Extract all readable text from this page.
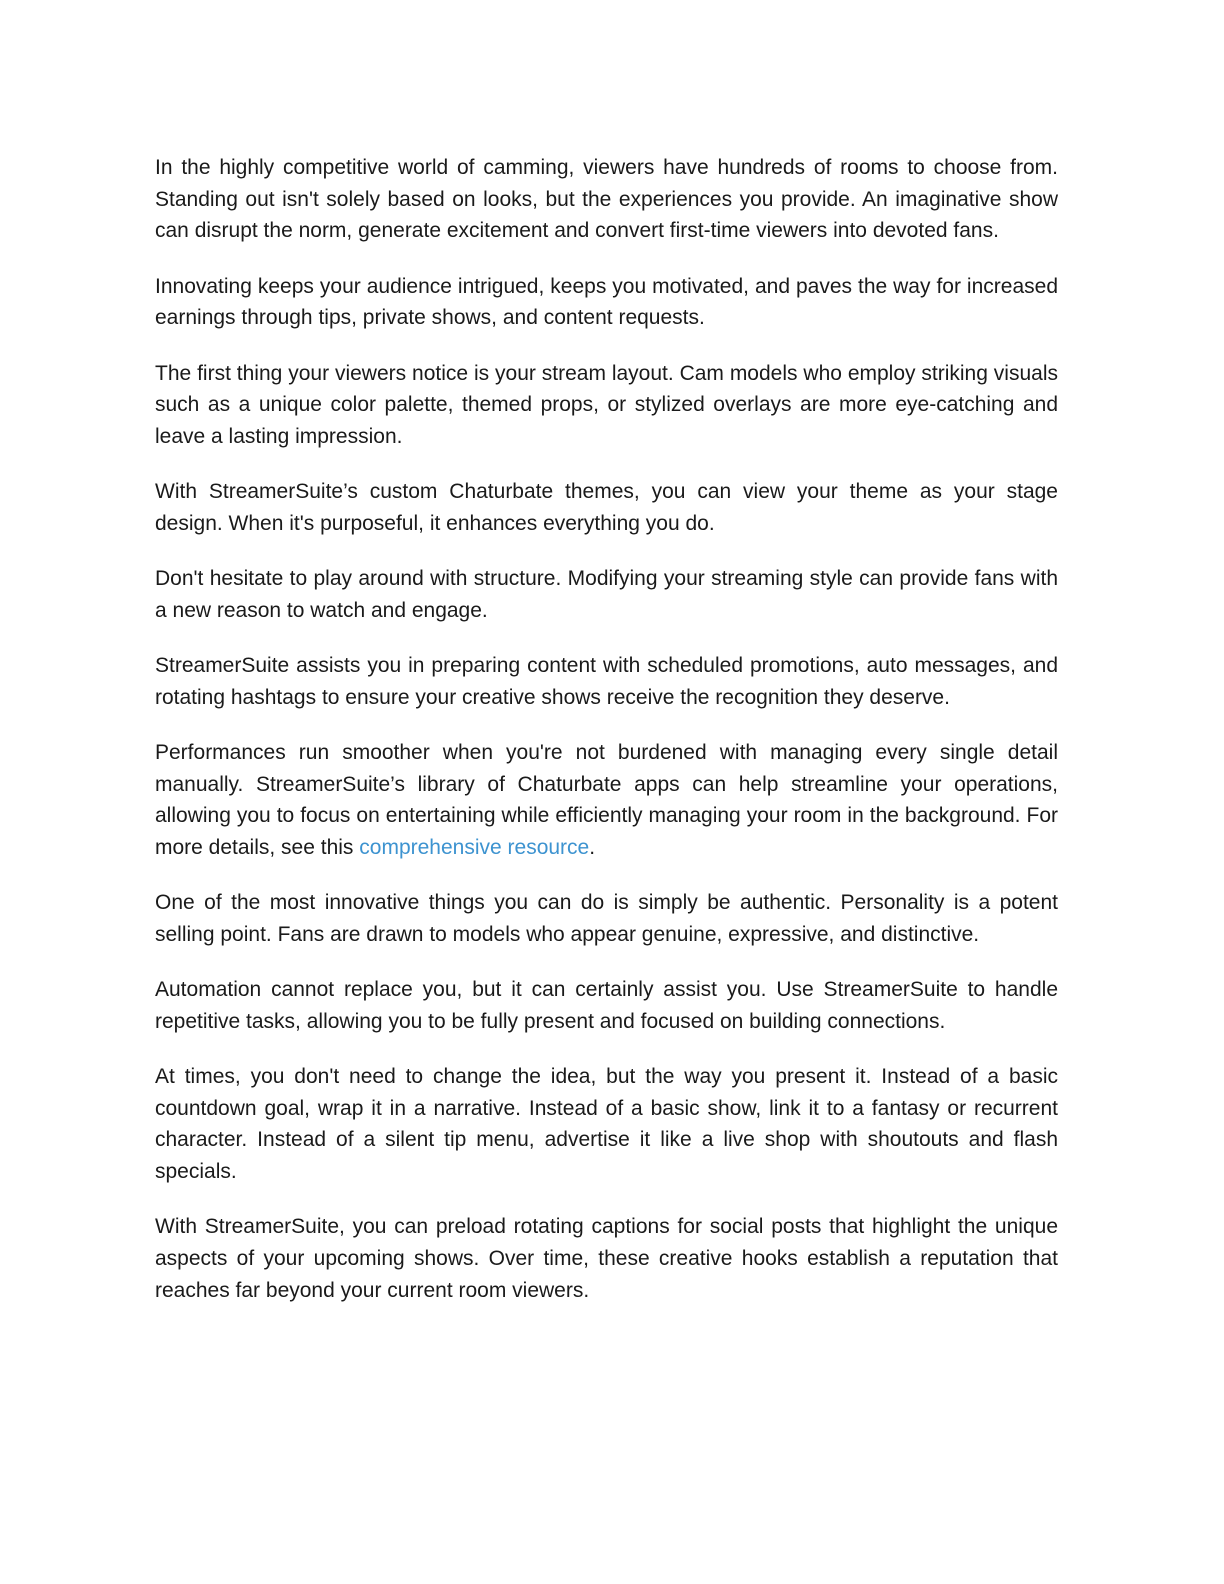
In the highly competitive world of camming, viewers have hundreds of rooms to choose from. Standing out isn't solely based on looks, but the experiences you provide. An imaginative show can disrupt the norm, generate excitement and convert first-time viewers into devoted fans.

Innovating keeps your audience intrigued, keeps you motivated, and paves the way for increased earnings through tips, private shows, and content requests.

The first thing your viewers notice is your stream layout. Cam models who employ striking visuals such as a unique color palette, themed props, or stylized overlays are more eye-catching and leave a lasting impression.

With StreamerSuite’s custom Chaturbate themes, you can view your theme as your stage design. When it's purposeful, it enhances everything you do.

Don't hesitate to play around with structure. Modifying your streaming style can provide fans with a new reason to watch and engage.

StreamerSuite assists you in preparing content with scheduled promotions, auto messages, and rotating hashtags to ensure your creative shows receive the recognition they deserve.

Performances run smoother when you're not burdened with managing every single detail manually. StreamerSuite’s library of Chaturbate apps can help streamline your operations, allowing you to focus on entertaining while efficiently managing your room in the background. For more details, see this comprehensive resource.

One of the most innovative things you can do is simply be authentic. Personality is a potent selling point. Fans are drawn to models who appear genuine, expressive, and distinctive.

Automation cannot replace you, but it can certainly assist you. Use StreamerSuite to handle repetitive tasks, allowing you to be fully present and focused on building connections.

At times, you don't need to change the idea, but the way you present it. Instead of a basic countdown goal, wrap it in a narrative. Instead of a basic show, link it to a fantasy or recurrent character. Instead of a silent tip menu, advertise it like a live shop with shoutouts and flash specials.

With StreamerSuite, you can preload rotating captions for social posts that highlight the unique aspects of your upcoming shows. Over time, these creative hooks establish a reputation that reaches far beyond your current room viewers.
